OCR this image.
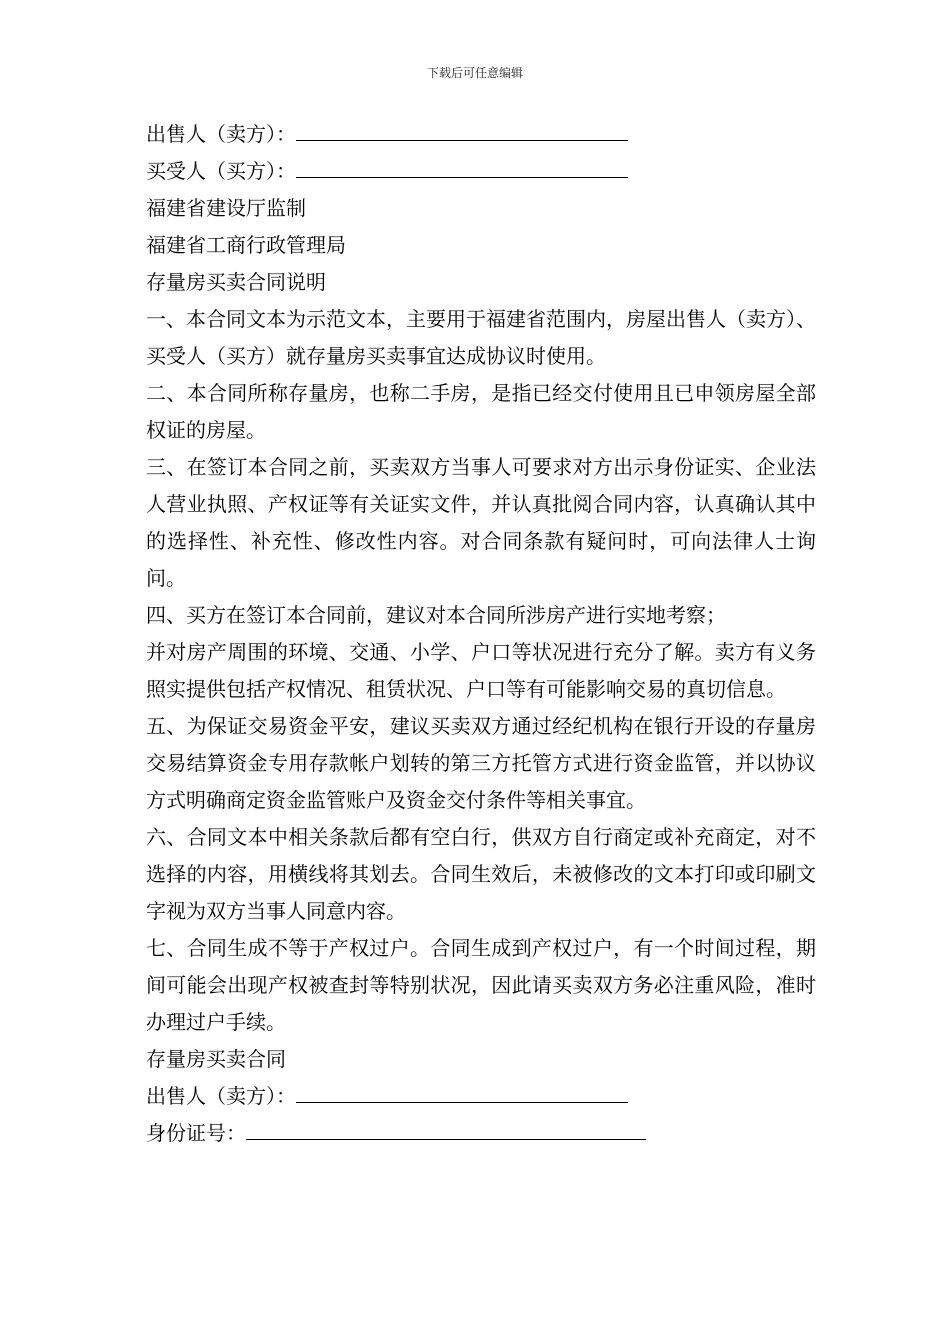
下载后可任意编辑

出售人（卖方）：

买受人（买方）：

福建省建设厅监制

福建省工商行政管理局

存量房买卖合同说明

一、本合同文本为示范文本，主要用于福建省范围内，房屋出售人（卖方）、买受人（买方）就存量房买卖事宜达成协议时使用。

二、本合同所称存量房，也称二手房，是指已经交付使用且已申领房屋全部权证的房屋。

三、在签订本合同之前，买卖双方当事人可要求对方出示身份证实、企业法人营业执照、产权证等有关证实文件，并认真批阅合同内容，认真确认其中的选择性、补充性、修改性内容。对合同条款有疑问时，可向法律人士询问。

四、买方在签订本合同前，建议对本合同所涉房产进行实地考察；

并对房产周围的环境、交通、小学、户口等状况进行充分了解。卖方有义务照实提供包括产权情况、租赁状况、户口等有可能影响交易的真切信息。

五、为保证交易资金平安，建议买卖双方通过经纪机构在银行开设的存量房交易结算资金专用存款帐户划转的第三方托管方式进行资金监管，并以协议方式明确商定资金监管账户及资金交付条件等相关事宜。

六、合同文本中相关条款后都有空白行，供双方自行商定或补充商定，对不选择的内容，用横线将其划去。合同生效后，未被修改的文本打印或印刷文字视为双方当事人同意内容。

七、合同生成不等于产权过户。合同生成到产权过户，有一个时间过程，期间可能会出现产权被查封等特别状况，因此请买卖双方务必注重风险，准时办理过户手续。

存量房买卖合同

出售人（卖方）：

身份证号：
